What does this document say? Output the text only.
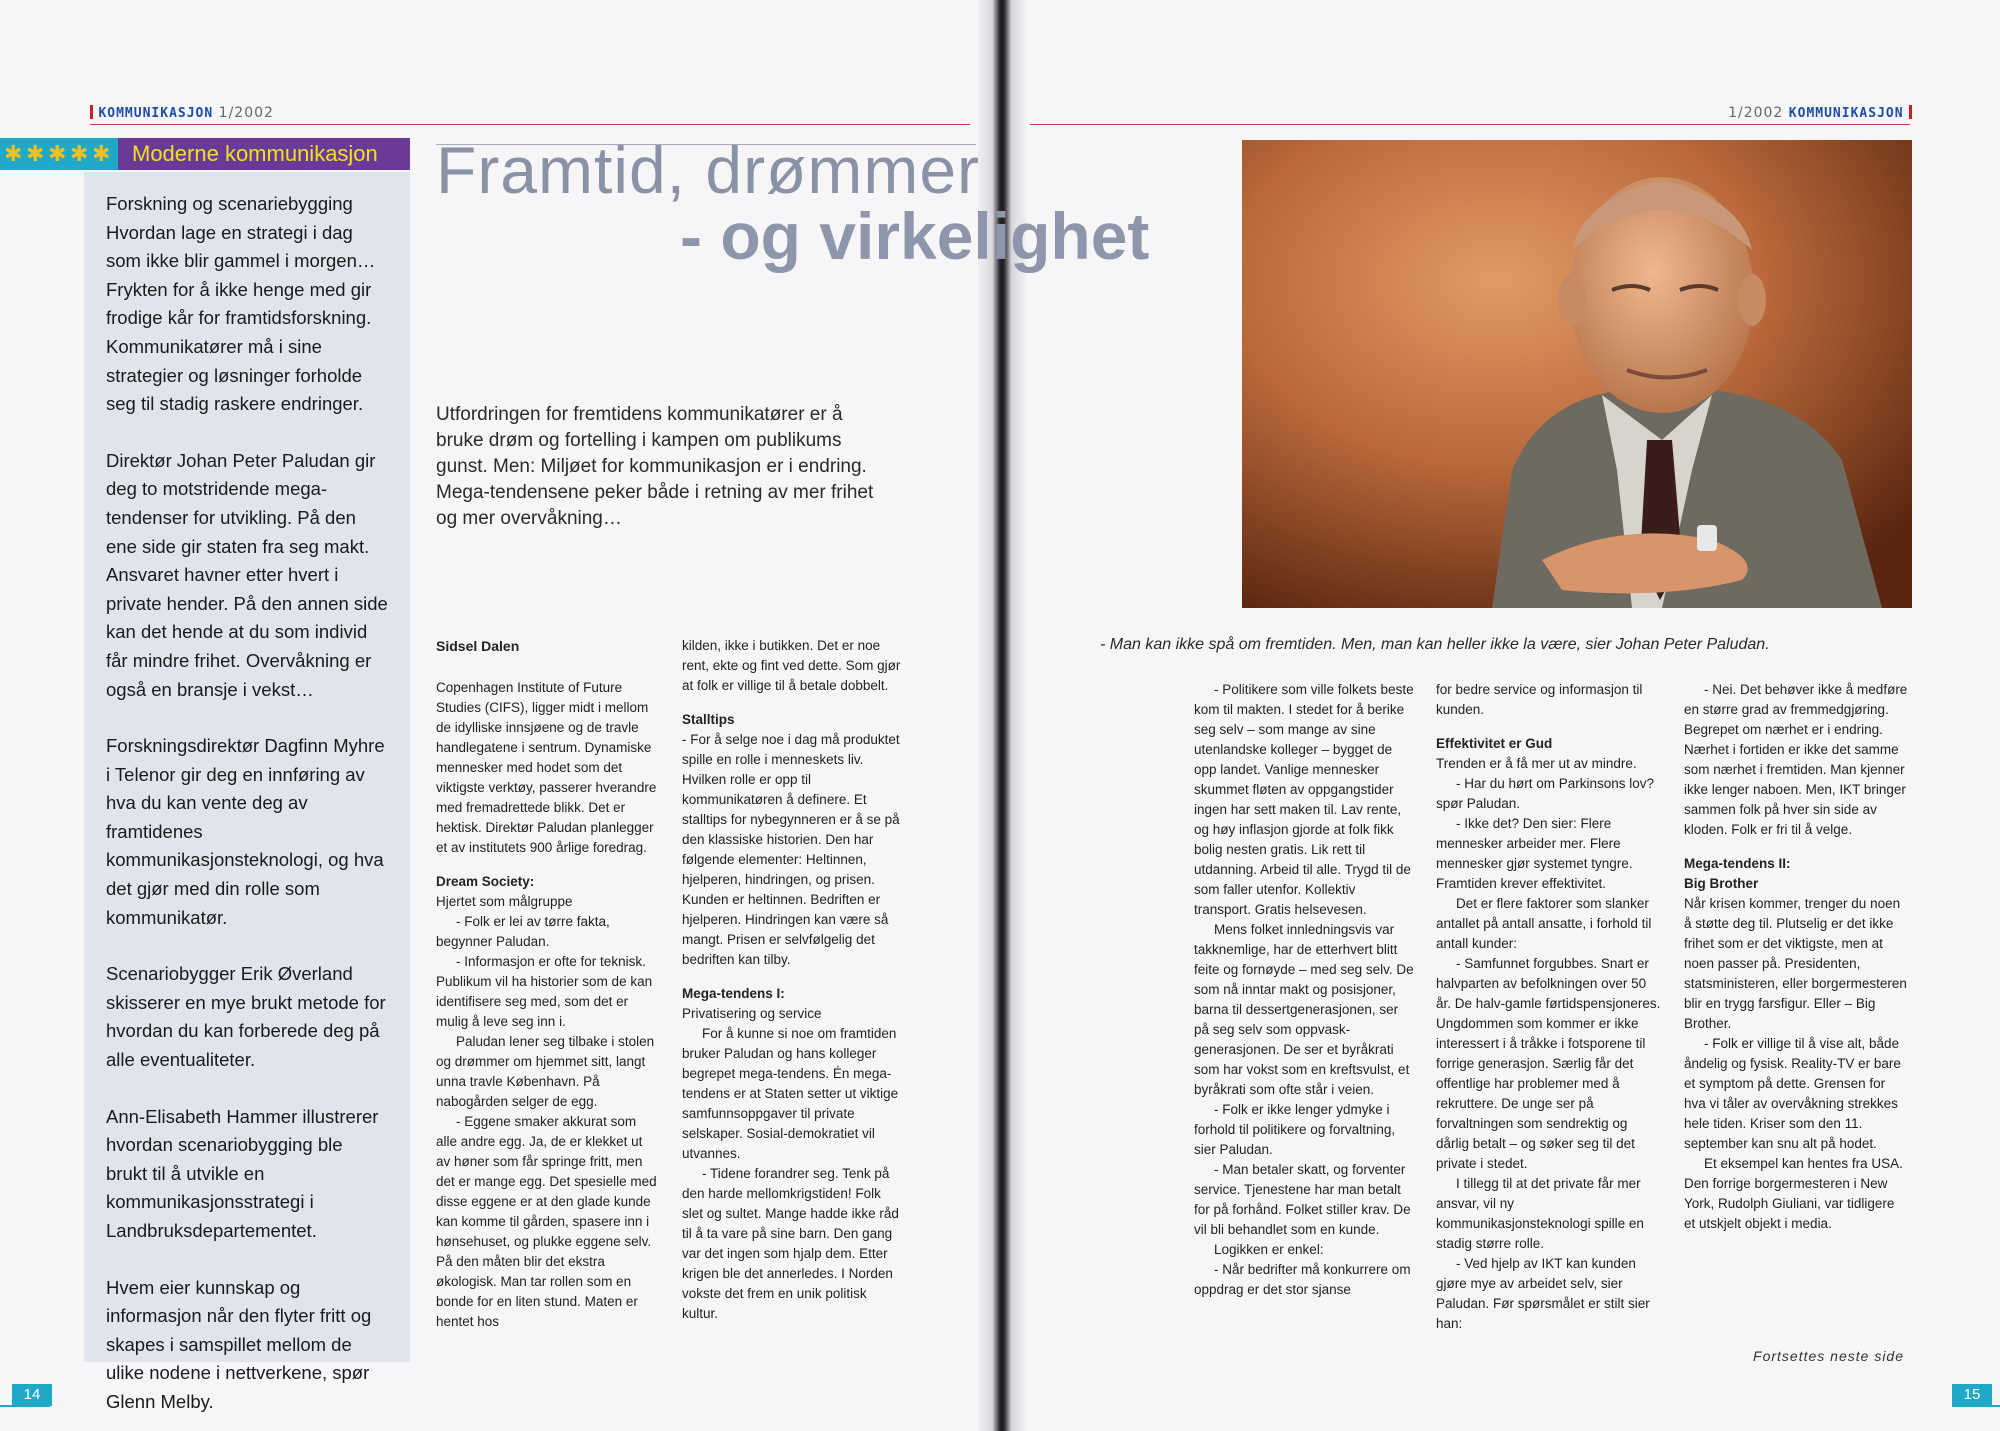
KOMMUNIKASJON 1/2002	1/2002 KOMMUNIKASJON
✱ ✱ ✱ ✱ ✱ Moderne kommunikasjon

Forskning og scenariebygging Hvordan lage en strategi i dag som ikke blir gammel i morgen… Frykten for å ikke henge med gir frodige kår for framtidsforskning. Kommunikatører må i sine strategier og løsninger forholde seg til stadig raskere endringer.

Direktør Johan Peter Paludan gir deg to motstridende mega-tendenser for utvikling. På den ene side gir staten fra seg makt. Ansvaret havner etter hvert i private hender. På den annen side kan det hende at du som individ får mindre frihet. Overvåkning er også en bransje i vekst…

Forskningsdirektør Dagfinn Myhre i Telenor gir deg en innføring av hva du kan vente deg av framtidenes kommunikasjonsteknologi, og hva det gjør med din rolle som kommunikatør.

Scenariobygger Erik Øverland skisserer en mye brukt metode for hvordan du kan forberede deg på alle eventualiteter.

Ann-Elisabeth Hammer illustrerer hvordan scenariobygging ble brukt til å utvikle en kommunikasjonsstrategi i Landbruksdepartementet.

Hvem eier kunnskap og informasjon når den flyter fritt og skapes i samspillet mellom de ulike nodene i nettverkene, spør Glenn Melby.

Framtid, drømmer
- og virkelighet
Utfordringen for fremtidens kommunikatører er å bruke drøm og fortelling i kampen om publikums gunst. Men: Miljøet for kommunikasjon er i endring. Mega-tendensene peker både i retning av mer frihet og mer overvåkning…

Sidsel Dalen

Copenhagen Institute of Future Studies (CIFS), ligger midt i mellom de idylliske innsjøene og de travle handlegatene i sentrum. Dynamiske mennesker med hodet som det viktigste verktøy, passerer hverandre med fremadrettede blikk. Det er hektisk. Direktør Paludan planlegger et av institutets 900 årlige foredrag.

Dream Society:

Hjertet som målgruppe

- Folk er lei av tørre fakta, begynner Paludan.

- Informasjon er ofte for teknisk. Publikum vil ha historier som de kan identifisere seg med, som det er mulig å leve seg inn i.

Paludan lener seg tilbake i stolen og drømmer om hjemmet sitt, langt unna travle København. På nabogården selger de egg.

- Eggene smaker akkurat som alle andre egg. Ja, de er klekket ut av høner som får springe fritt, men det er mange egg. Det spesielle med disse eggene er at den glade kunde kan komme til gården, spasere inn i hønsehuset, og plukke eggene selv. På den måten blir det ekstra økologisk. Man tar rollen som en bonde for en liten stund. Maten er hentet hos

kilden, ikke i butikken. Det er noe rent, ekte og fint ved dette. Som gjør at folk er villige til å betale dobbelt.

Stalltips

- For å selge noe i dag må produktet spille en rolle i menneskets liv. Hvilken rolle er opp til kommunikatøren å definere. Et stalltips for nybegynneren er å se på den klassiske historien. Den har følgende elementer: Heltinnen, hjelperen, hindringen, og prisen. Kunden er heltinnen. Bedriften er hjelperen. Hindringen kan være så mangt. Prisen er selvfølgelig det bedriften kan tilby.

Mega-tendens I:

Privatisering og service

For å kunne si noe om framtiden bruker Paludan og hans kolleger begrepet mega-tendens. Én mega-tendens er at Staten setter ut viktige samfunnsoppgaver til private selskaper. Sosial-demokratiet vil utvannes.

- Tidene forandrer seg. Tenk på den harde mellomkrigstiden! Folk slet og sultet. Mange hadde ikke råd til å ta vare på sine barn. Den gang var det ingen som hjalp dem. Etter krigen ble det annerledes. I Norden vokste det frem en unik politisk kultur.

- Man kan ikke spå om fremtiden. Men, man kan heller ikke la være, sier Johan Peter Paludan.

- Politikere som ville folkets beste kom til makten. I stedet for å berike seg selv – som mange av sine utenlandske kolleger – bygget de opp landet. Vanlige mennesker skummet fløten av oppgangstider ingen har sett maken til. Lav rente, og høy inflasjon gjorde at folk fikk bolig nesten gratis. Lik rett til utdanning. Arbeid til alle. Trygd til de som faller utenfor. Kollektiv transport. Gratis helsevesen.

Mens folket innledningsvis var takknemlige, har de etterhvert blitt feite og fornøyde – med seg selv. De som nå inntar makt og posisjoner, barna til dessertgenerasjonen, ser på seg selv som oppvask-generasjonen. De ser et byråkrati som har vokst som en kreftsvulst, et byråkrati som ofte står i veien.

- Folk er ikke lenger ydmyke i forhold til politikere og forvaltning, sier Paludan.

- Man betaler skatt, og forventer service. Tjenestene har man betalt for på forhånd. Folket stiller krav. De vil bli behandlet som en kunde.

Logikken er enkel:

- Når bedrifter må konkurrere om oppdrag er det stor sjanse

for bedre service og informasjon til kunden.

Effektivitet er Gud

Trenden er å få mer ut av mindre.

- Har du hørt om Parkinsons lov? spør Paludan.

- Ikke det? Den sier: Flere mennesker arbeider mer. Flere mennesker gjør systemet tyngre. Framtiden krever effektivitet.

Det er flere faktorer som slanker antallet på antall ansatte, i forhold til antall kunder:

- Samfunnet forgubbes. Snart er halvparten av befolkningen over 50 år. De halv-gamle førtidspensjoneres. Ungdommen som kommer er ikke interessert i å tråkke i fotsporene til forrige generasjon. Særlig får det offentlige har problemer med å rekruttere. De unge ser på forvaltningen som sendrektig og dårlig betalt – og søker seg til det private i stedet.

I tillegg til at det private får mer ansvar, vil ny kommunikasjonsteknologi spille en stadig større rolle.

- Ved hjelp av IKT kan kunden gjøre mye av arbeidet selv, sier Paludan. Før spørsmålet er stilt sier han:

- Nei. Det behøver ikke å medføre en større grad av fremmedgjøring. Begrepet om nærhet er i endring. Nærhet i fortiden er ikke det samme som nærhet i fremtiden. Man kjenner ikke lenger naboen. Men, IKT bringer sammen folk på hver sin side av kloden. Folk er fri til å velge.

Mega-tendens II:

Big Brother

Når krisen kommer, trenger du noen å støtte deg til. Plutselig er det ikke frihet som er det viktigste, men at noen passer på. Presidenten, statsministeren, eller borgermesteren blir en trygg farsfigur. Eller – Big Brother.

- Folk er villige til å vise alt, både åndelig og fysisk. Reality-TV er bare et symptom på dette. Grensen for hva vi tåler av overvåkning strekkes hele tiden. Kriser som den 11. september kan snu alt på hodet.

Et eksempel kan hentes fra USA. Den forrige borgermesteren i New York, Rudolph Giuliani, var tidligere et utskjelt objekt i media.

Fortsettes neste side
14	15
